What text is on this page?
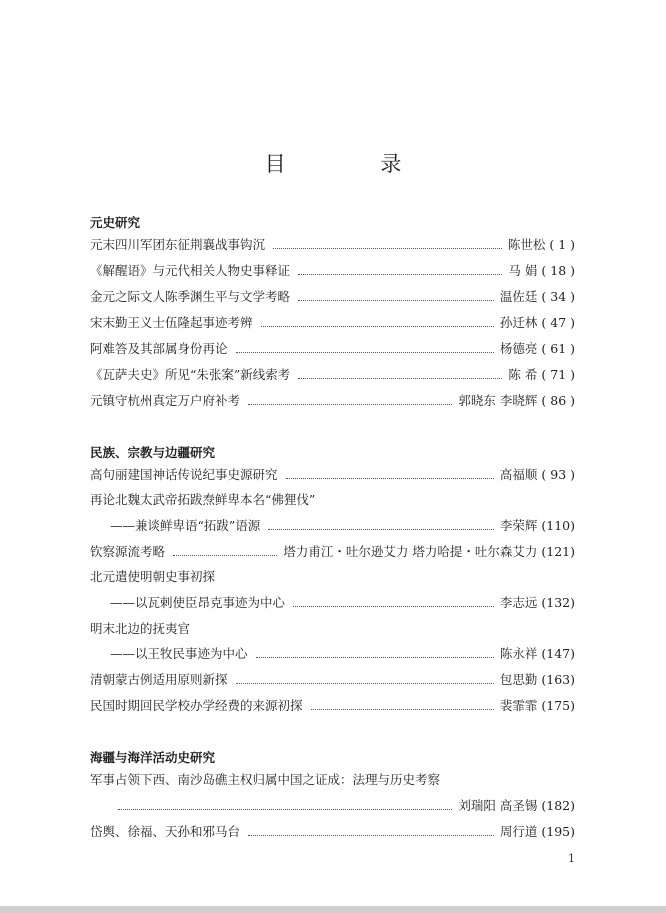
目 录
元史研究
元末四川军团东征荆襄战事钩沉	陈世松 ( 1 )
《解醒语》与元代相关人物史事释证	马 娟 ( 18 )
金元之际文人陈季渊生平与文学考略	温佐廷 ( 34 )
宋末勤王义士伍隆起事迹考辨	孙迁林 ( 47 )
阿难答及其部属身份再论	杨德亮 ( 61 )
《瓦萨夫史》所见“朱张案”新线索考	陈 希 ( 71 )
元镇守杭州真定万户府补考	郭晓东 李晓辉 ( 86 )
民族、宗教与边疆研究
高句丽建国神话传说纪事史源研究	高福顺 ( 93 )
再论北魏太武帝拓跋焘鲜卑本名“佛狸伐”
——兼谈鲜卑语“拓跋”语源	李荣辉 (110)
钦察源流考略	塔力甫江・吐尔逊艾力 塔力哈提・吐尔森艾力 (121)
北元遣使明朝史事初探
——以瓦剌使臣昂克事迹为中心	李志远 (132)
明末北边的抚夷官
——以王牧民事迹为中心	陈永祥 (147)
清朝蒙古例适用原则新探	包思勤 (163)
民国时期回民学校办学经费的来源初探	裴霏霏 (175)
海疆与海洋活动史研究
军事占领下西、南沙岛礁主权归属中国之证成：法理与历史考察
刘瑞阳 高圣锡 (182)
岱舆、徐福、天孙和邪马台	周行道 (195)
1
